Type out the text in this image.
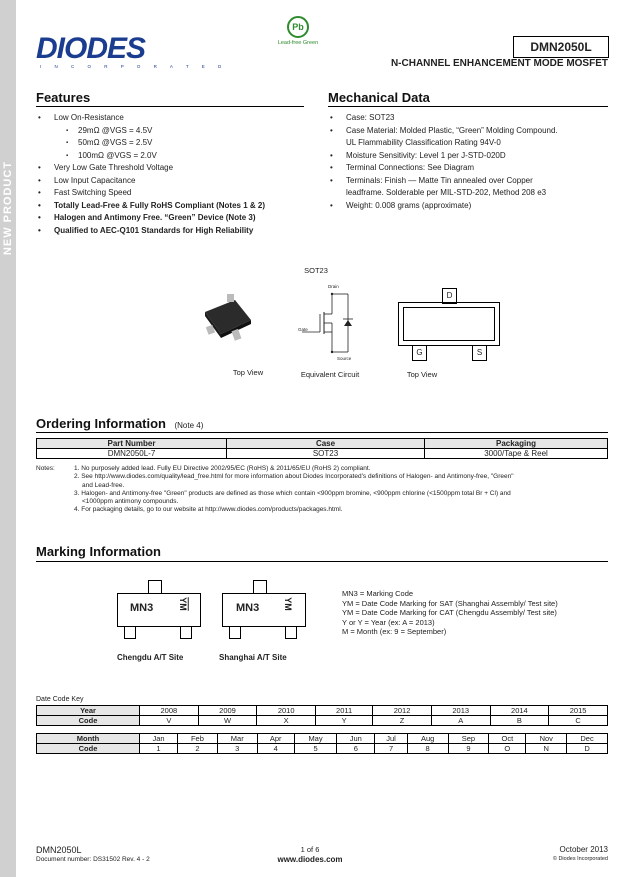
NEW PRODUCT
DIODES
I N C O R P O R A T E D
Pb
Lead-free Green	DMN2050L
N-CHANNEL ENHANCEMENT MODE MOSFET
Features
• Low On-Resistance
▪ 29mΩ @VGS = 4.5V
▪ 50mΩ @VGS = 2.5V
▪ 100mΩ @VGS = 2.0V
• Very Low Gate Threshold Voltage
• Low Input Capacitance
• Fast Switching Speed
• Totally Lead-Free & Fully RoHS Compliant (Notes 1 & 2)
• Halogen and Antimony Free. “Green” Device (Note 3)
• Qualified to AEC-Q101 Standards for High Reliability
Mechanical Data
• Case: SOT23
• Case Material: Molded Plastic, “Green” Molding Compound.
UL Flammability Classification Rating 94V-0
• Moisture Sensitivity: Level 1 per J-STD-020D
• Terminal Connections: See Diagram
• Terminals: Finish — Matte Tin annealed over Copper
leadframe. Solderable per MIL-STD-202, Method 208 e3
• Weight: 0.008 grams (approximate)
SOT23
Top View
Drain
Gate
Source
Equivalent Circuit
D
G	S
Top View
Ordering Information (Note 4)
Part Number	Case	Packaging
DMN2050L-7	SOT23	3000/Tape & Reel
Notes:	1. No purposely added lead. Fully EU Directive 2002/95/EC (RoHS) & 2011/65/EU (RoHS 2) compliant.
2. See http://www.diodes.com/quality/lead_free.html for more information about Diodes Incorporated’s definitions of Halogen- and Antimony-free, "Green"
and Lead-free.
3. Halogen- and Antimony-free "Green" products are defined as those which contain <900ppm bromine, <900ppm chlorine (<1500ppm total Br + Cl) and
<1000ppm antimony compounds.
4. For packaging details, go to our website at http://www.diodes.com/products/packages.html.
Marking Information
MN3	$\overline{YM}$
Chengdu A/T Site
MN3	YM
Shanghai A/T Site
MN3 = Marking Code
YM = Date Code Marking for SAT (Shanghai Assembly/ Test site)
YM = Date Code Marking for CAT (Chengdu Assembly/ Test site)
Y or Y = Year (ex: A = 2013)
M = Month (ex: 9 = September)
Date Code Key
Year	2008	2009	2010	2011	2012	2013	2014	2015
Code	V	W	X	Y	Z	A	B	C
Month	Jan	Feb	Mar	Apr	May	Jun	Jul	Aug	Sep	Oct	Nov	Dec
Code	1	2	3	4	5	6	7	8	9	O	N	D
DMN2050L
Document number: DS31502 Rev. 4 - 2
1 of 6
www.diodes.com
October 2013
© Diodes Incorporated
